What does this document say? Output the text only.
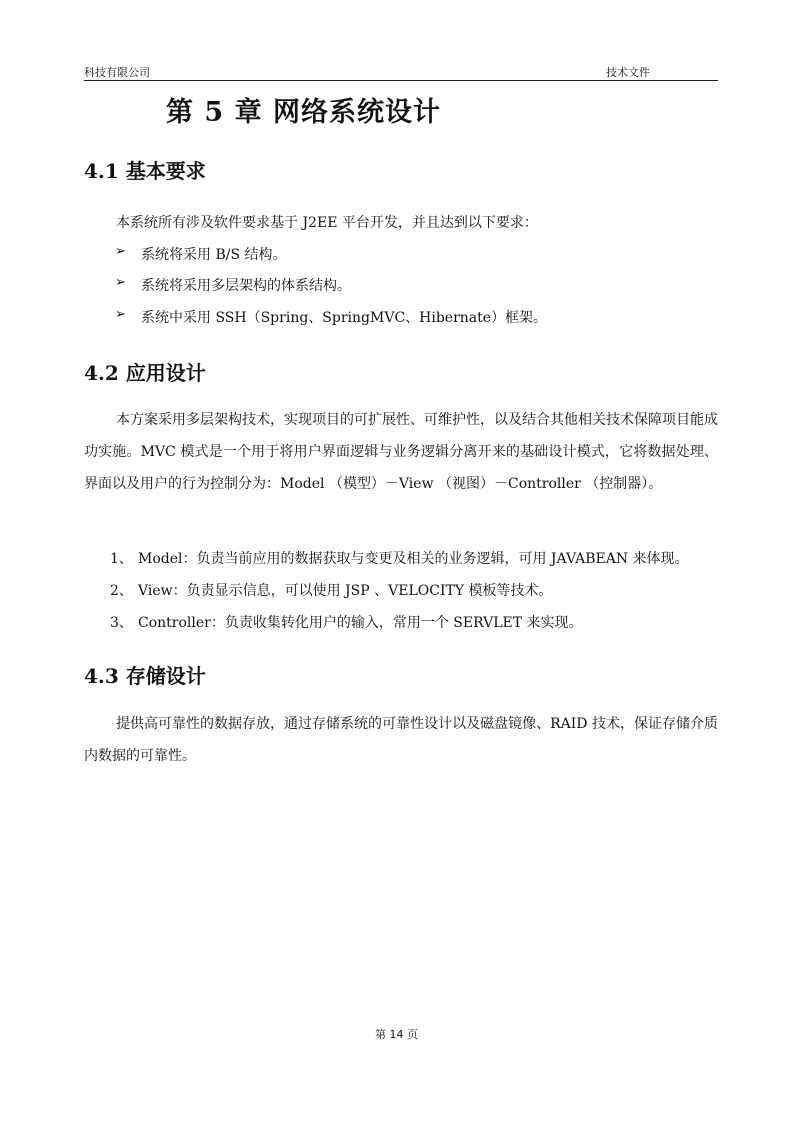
科技有限公司	技术文件
第 5 章 网络系统设计
4.1 基本要求
本系统所有涉及软件要求基于 J2EE 平台开发，并且达到以下要求：
➢ 系统将采用 B/S 结构。
➢ 系统将采用多层架构的体系结构。
➢ 系统中采用 SSH（Spring、SpringMVC、Hibernate）框架。
4.2 应用设计

本方案采用多层架构技术，实现项目的可扩展性、可维护性，以及结合其他相关技术保障项目能成功实施。MVC 模式是一个用于将用户界面逻辑与业务逻辑分离开来的基础设计模式，它将数据处理、界面以及用户的行为控制分为：Model （模型）－View （视图）－Controller （控制器）。

1、 Model：负责当前应用的数据获取与变更及相关的业务逻辑，可用 JAVABEAN 来体现。
2、 View：负责显示信息，可以使用 JSP 、VELOCITY 模板等技术。
3、 Controller：负责收集转化用户的输入，常用一个 SERVLET 来实现。
4.3 存储设计

提供高可靠性的数据存放，通过存储系统的可靠性设计以及磁盘镜像、RAID 技术，保证存储介质内数据的可靠性。

第 14 页
